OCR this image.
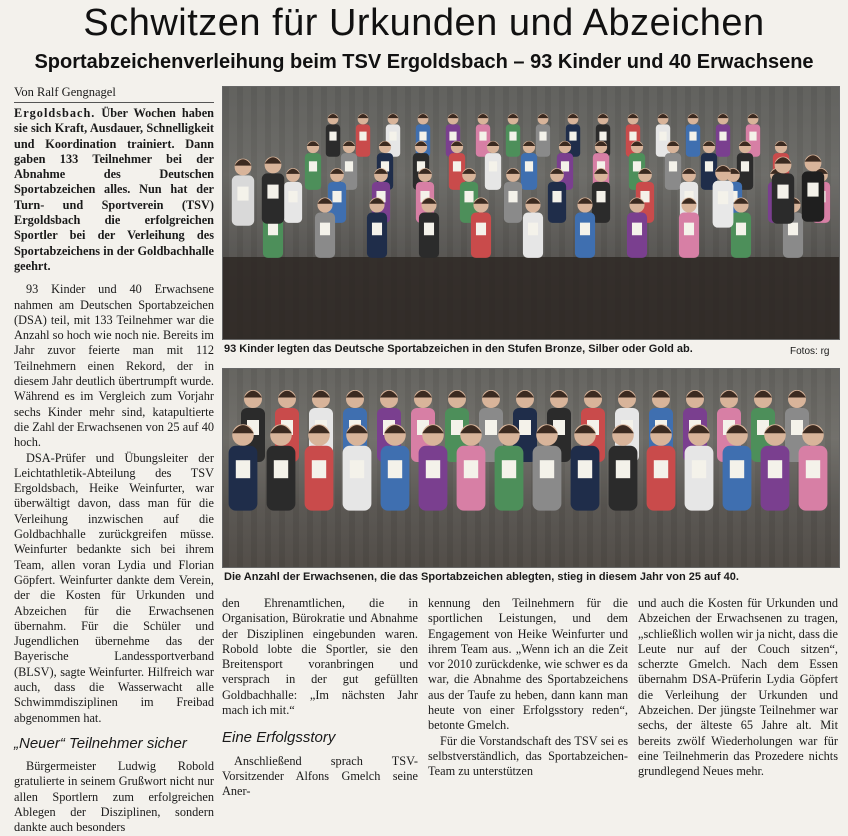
Schwitzen für Urkunden und Abzeichen
Sportabzeichenverleihung beim TSV Ergoldsbach – 93 Kinder und 40 Erwachsene
Von Ralf Gengnagel

Ergoldsbach. Über Wochen haben sie sich Kraft, Ausdauer, Schnelligkeit und Koordination trainiert. Dann gaben 133 Teilnehmer bei der Abnahme des Deutschen Sportabzeichen alles. Nun hat der Turn- und Sportverein (TSV) Ergoldsbach die erfolgreichen Sportler bei der Verleihung des Sportabzeichens in der Goldbachhalle geehrt.

93 Kinder und 40 Erwachsene nahmen am Deutschen Sportabzeichen (DSA) teil, mit 133 Teilnehmer war die Anzahl so hoch wie noch nie. Bereits im Jahr zuvor feierte man mit 112 Teilnehmern einen Rekord, der in diesem Jahr deutlich übertrumpft wurde. Während es im Vergleich zum Vorjahr sechs Kinder mehr sind, katapultierte die Zahl der Erwachsenen von 25 auf 40 hoch.

DSA-Prüfer und Übungsleiter der Leichtathletik-Abteilung des TSV Ergoldsbach, Heike Weinfurter, war überwältigt davon, dass man für die Verleihung inzwischen auf die Goldbachhalle zurückgreifen müsse. Weinfurter bedankte sich bei ihrem Team, allen voran Lydia und Florian Göpfert. Weinfurter dankte dem Verein, der die Kosten für Urkunden und Abzeichen für die Erwachsenen übernahm. Für die Schüler und Jugendlichen übernehme das der Bayerische Landessportverband (BLSV), sagte Weinfurter. Hilfreich war auch, dass die Wasserwacht alle Schwimmdisziplinen im Freibad abgenommen hat.

„Neuer“ Teilnehmer sicher

Bürgermeister Ludwig Robold gratulierte in seinem Grußwort nicht nur allen Sportlern zum erfolgreichen Ablegen der Disziplinen, sondern dankte auch besonders

93 Kinder legten das Deutsche Sportabzeichen in den Stufen Bronze, Silber oder Gold ab.	Fotos: rg
Die Anzahl der Erwachsenen, die das Sportabzeichen ablegten, stieg in diesem Jahr von 25 auf 40.

den Ehrenamtlichen, die in Organisation, Bürokratie und Abnahme der Disziplinen eingebunden waren. Robold lobte die Sportler, sie den Breitensport voranbringen und versprach in der gut gefüllten Goldbachhalle: „Im nächsten Jahr mach ich mit.“

Eine Erfolgsstory

Anschließend sprach TSV-Vorsitzender Alfons Gmelch seine Aner-

kennung den Teilnehmern für die sportlichen Leistungen, und dem Engagement von Heike Weinfurter und ihrem Team aus. „Wenn ich an die Zeit vor 2010 zurückdenke, wie schwer es da war, die Abnahme des Sportabzeichens aus der Taufe zu heben, dann kann man heute von einer Erfolgsstory reden“, betonte Gmelch.

Für die Vorstandschaft des TSV sei es selbstverständlich, das Sportabzeichen-Team zu unterstützen

und auch die Kosten für Urkunden und Abzeichen der Erwachsenen zu tragen, „schließlich wollen wir ja nicht, dass die Leute nur auf der Couch sitzen“, scherzte Gmelch. Nach dem Essen übernahm DSA-Prüferin Lydia Göpfert die Verleihung der Urkunden und Abzeichen. Der jüngste Teilnehmer war sechs, der älteste 65 Jahre alt. Mit bereits zwölf Wiederholungen war für eine Teilnehmerin das Prozedere nichts grundlegend Neues mehr.
